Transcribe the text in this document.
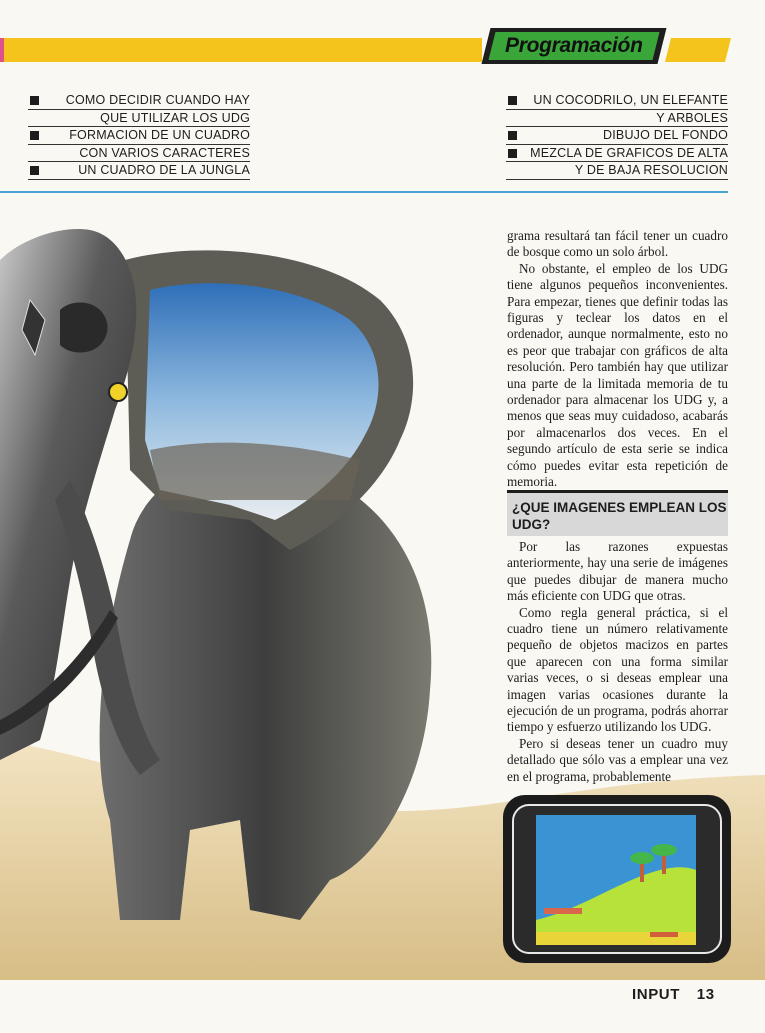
Programación
COMO DECIDIR CUANDO HAY
QUE UTILIZAR LOS UDG
FORMACION DE UN CUADRO
CON VARIOS CARACTERES
UN CUADRO DE LA JUNGLA
UN COCODRILO, UN ELEFANTE
Y ARBOLES
DIBUJO DEL FONDO
MEZCLA DE GRAFICOS DE ALTA
Y DE BAJA RESOLUCION

grama resultará tan fácil tener un cuadro de bosque como un solo árbol.

No obstante, el empleo de los UDG tiene algunos pequeños inconvenientes. Para empezar, tienes que definir todas las figuras y teclear los datos en el ordenador, aunque normalmente, esto no es peor que trabajar con gráficos de alta resolución. Pero también hay que utilizar una parte de la limitada memoria de tu ordenador para almacenar los UDG y, a menos que seas muy cuidadoso, acabarás por almacenarlos dos veces. En el segundo artículo de esta serie se indica cómo puedes evitar esta repetición de memoria.

¿QUE IMAGENES EMPLEAN LOS UDG?

Por las razones expuestas anteriormente, hay una serie de imágenes que puedes dibujar de manera mucho más eficiente con UDG que otras.

Como regla general práctica, si el cuadro tiene un número relativamente pequeño de objetos macizos en partes que aparecen con una forma similar varias veces, o si deseas emplear una imagen varias ocasiones durante la ejecución de un programa, podrás ahorrar tiempo y esfuerzo utilizando los UDG.

Pero si deseas tener un cuadro muy detallado que sólo vas a emplear una vez en el programa, probablemente

INPUT 13
